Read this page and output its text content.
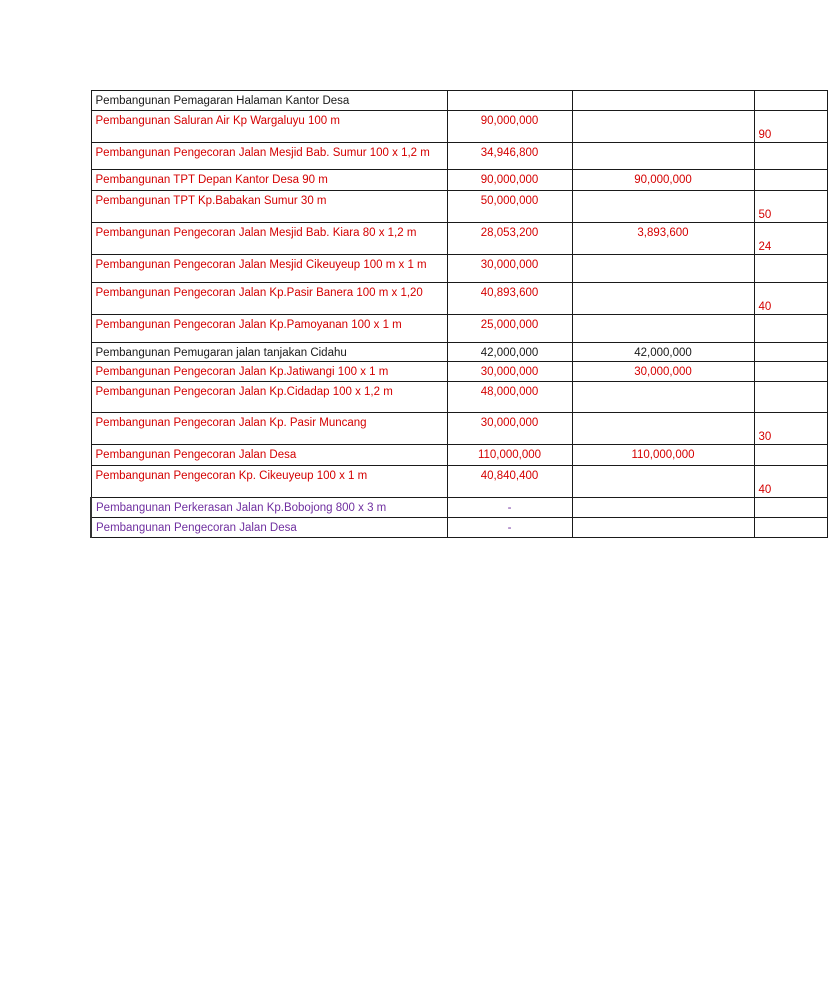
Pembangunan Pemagaran Halaman Kantor Desa			

Pembangunan Saluran Air Kp Wargaluyu 100 m	90,000,000		90

Pembangunan Pengecoran Jalan Mesjid Bab. Sumur 100 x 1,2 m	34,946,800		

Pembangunan TPT Depan Kantor Desa 90 m	90,000,000	90,000,000	

Pembangunan TPT Kp.Babakan Sumur 30 m	50,000,000		50

Pembangunan Pengecoran Jalan Mesjid Bab. Kiara 80 x 1,2 m	28,053,200	3,893,600	24

Pembangunan Pengecoran Jalan Mesjid Cikeuyeup 100 m x 1 m	30,000,000		

Pembangunan Pengecoran Jalan Kp.Pasir Banera 100 m x 1,20	40,893,600		40

Pembangunan Pengecoran Jalan Kp.Pamoyanan 100 x 1 m	25,000,000		

Pembangunan Pemugaran jalan tanjakan Cidahu	42,000,000	42,000,000	

Pembangunan Pengecoran Jalan Kp.Jatiwangi 100 x 1 m	30,000,000	30,000,000	

Pembangunan Pengecoran Jalan Kp.Cidadap 100 x 1,2 m	48,000,000		

Pembangunan Pengecoran Jalan Kp. Pasir Muncang	30,000,000		30

Pembangunan Pengecoran Jalan Desa	110,000,000	110,000,000	

Pembangunan Pengecoran Kp. Cikeuyeup 100 x 1 m	40,840,400		40

Pembangunan Perkerasan Jalan Kp.Bobojong 800 x 3 m	-		

Pembangunan Pengecoran Jalan Desa	-		
